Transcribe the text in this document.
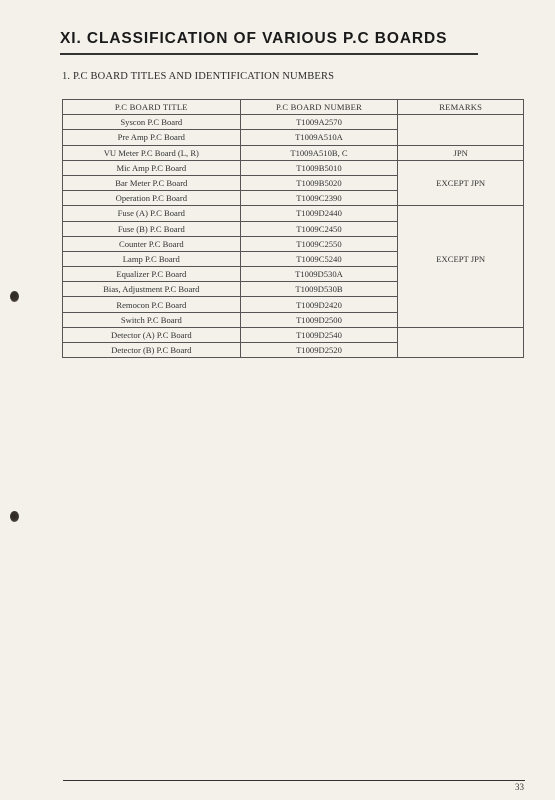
XI. CLASSIFICATION OF VARIOUS P.C BOARDS
1. P.C BOARD TITLES AND IDENTIFICATION NUMBERS
P.C BOARD TITLE	P.C BOARD NUMBER	REMARKS
Syscon P.C Board	T1009A2570	
Pre Amp P.C Board	T1009A510A	
VU Meter P.C Board (L, R)	T1009A510B, C	JPN
Mic Amp P.C Board	T1009B5010	
Bar Meter P.C Board	T1009B5020	EXCEPT JPN
Operation P.C Board	T1009C2390	
Fuse (A) P.C Board	T1009D2440	
Fuse (B) P.C Board	T1009C2450	
Counter P.C Board	T1009C2550	
Lamp P.C Board	T1009C5240	EXCEPT JPN
Equalizer P.C Board	T1009D530A	
Bias, Adjustment P.C Board	T1009D530B	
Remocon P.C Board	T1009D2420	
Switch P.C Board	T1009D2500	
Detector (A) P.C Board	T1009D2540	
Detector (B) P.C Board	T1009D2520	
33
